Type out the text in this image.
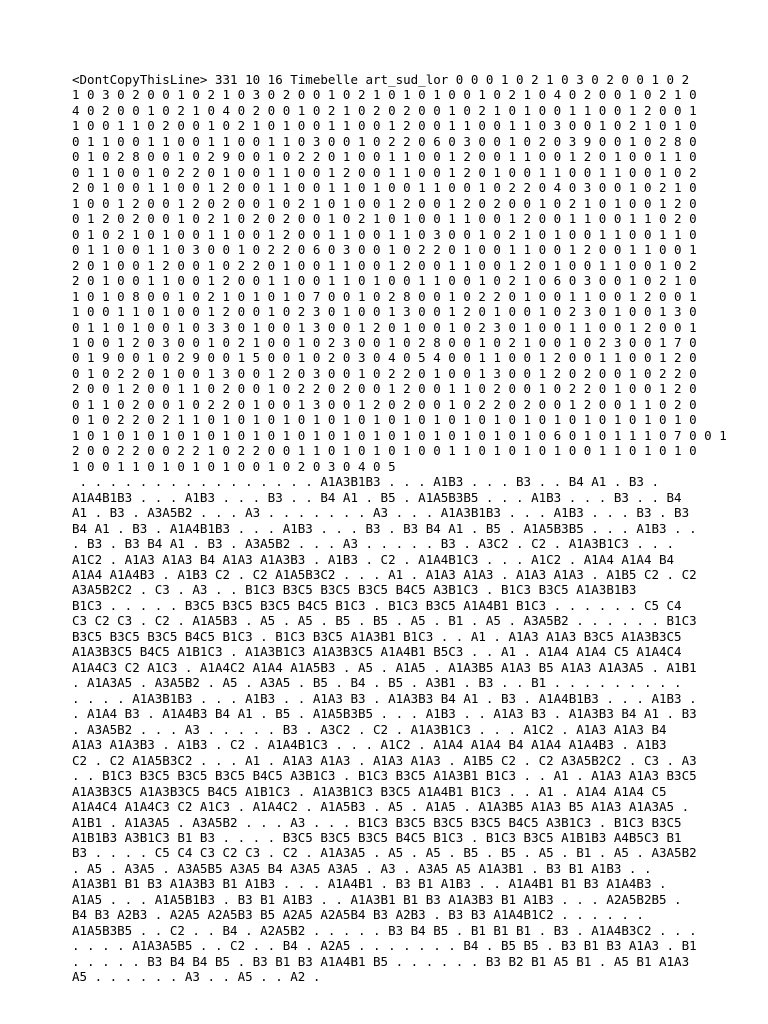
<DontCopyThisLine> 331 10 16 Timebelle art_sud_lor 0 0 0 1 0 2 1 0 3 0 2 0 0 1 0 2
1 0 3 0 2 0 0 1 0 2 1 0 3 0 2 0 0 1 0 2 1 0 1 0 1 0 0 1 0 2 1 0 4 0 2 0 0 1 0 2 1 0
4 0 2 0 0 1 0 2 1 0 4 0 2 0 0 1 0 2 1 0 2 0 2 0 0 1 0 2 1 0 1 0 0 1 1 0 0 1 2 0 0 1
1 0 0 1 1 0 2 0 0 1 0 2 1 0 1 0 0 1 1 0 0 1 2 0 0 1 1 0 0 1 1 0 3 0 0 1 0 2 1 0 1 0
0 1 1 0 0 1 1 0 0 1 1 0 0 1 1 0 3 0 0 1 0 2 2 0 6 0 3 0 0 1 0 2 0 3 9 0 0 1 0 2 8 0
0 1 0 2 8 0 0 1 0 2 9 0 0 1 0 2 2 0 1 0 0 1 1 0 0 1 2 0 0 1 1 0 0 1 2 0 1 0 0 1 1 0
0 1 1 0 0 1 0 2 2 0 1 0 0 1 1 0 0 1 2 0 0 1 1 0 0 1 2 0 1 0 0 1 1 0 0 1 1 0 0 1 0 2
2 0 1 0 0 1 1 0 0 1 2 0 0 1 1 0 0 1 1 0 1 0 0 1 1 0 0 1 0 2 2 0 4 0 3 0 0 1 0 2 1 0
1 0 0 1 2 0 0 1 2 0 2 0 0 1 0 2 1 0 1 0 0 1 2 0 0 1 2 0 2 0 0 1 0 2 1 0 1 0 0 1 2 0
0 1 2 0 2 0 0 1 0 2 1 0 2 0 2 0 0 1 0 2 1 0 1 0 0 1 1 0 0 1 2 0 0 1 1 0 0 1 1 0 2 0
0 1 0 2 1 0 1 0 0 1 1 0 0 1 2 0 0 1 1 0 0 1 1 0 3 0 0 1 0 2 1 0 1 0 0 1 1 0 0 1 1 0
0 1 1 0 0 1 1 0 3 0 0 1 0 2 2 0 6 0 3 0 0 1 0 2 2 0 1 0 0 1 1 0 0 1 2 0 0 1 1 0 0 1
2 0 1 0 0 1 2 0 0 1 0 2 2 0 1 0 0 1 1 0 0 1 2 0 0 1 1 0 0 1 2 0 1 0 0 1 1 0 0 1 0 2
2 0 1 0 0 1 1 0 0 1 2 0 0 1 1 0 0 1 1 0 1 0 0 1 1 0 0 1 0 2 1 0 6 0 3 0 0 1 0 2 1 0
1 0 1 0 8 0 0 1 0 2 1 0 1 0 1 0 7 0 0 1 0 2 8 0 0 1 0 2 2 0 1 0 0 1 1 0 0 1 2 0 0 1
1 0 0 1 1 0 1 0 0 1 2 0 0 1 0 2 3 0 1 0 0 1 3 0 0 1 2 0 1 0 0 1 0 2 3 0 1 0 0 1 3 0
0 1 1 0 1 0 0 1 0 3 3 0 1 0 0 1 3 0 0 1 2 0 1 0 0 1 0 2 3 0 1 0 0 1 1 0 0 1 2 0 0 1
1 0 0 1 2 0 3 0 0 1 0 2 1 0 0 1 0 2 3 0 0 1 0 2 8 0 0 1 0 2 1 0 0 1 0 2 3 0 0 1 7 0
0 1 9 0 0 1 0 2 9 0 0 1 5 0 0 1 0 2 0 3 0 4 0 5 4 0 0 1 1 0 0 1 2 0 0 1 1 0 0 1 2 0
0 1 0 2 2 0 1 0 0 1 3 0 0 1 2 0 3 0 0 1 0 2 2 0 1 0 0 1 3 0 0 1 2 0 2 0 0 1 0 2 2 0
2 0 0 1 2 0 0 1 1 0 2 0 0 1 0 2 2 0 2 0 0 1 2 0 0 1 1 0 2 0 0 1 0 2 2 0 1 0 0 1 2 0
0 1 1 0 2 0 0 1 0 2 2 0 1 0 0 1 3 0 0 1 2 0 2 0 0 1 0 2 2 0 2 0 0 1 2 0 0 1 1 0 2 0
0 1 0 2 2 0 2 1 1 0 1 0 1 0 1 0 1 0 1 0 1 0 1 0 1 0 1 0 1 0 1 0 1 0 1 0 1 0 1 0 1 0
1 0 1 0 1 0 1 0 1 0 1 0 1 0 1 0 1 0 1 0 1 0 1 0 1 0 1 0 1 0 1 0 6 0 1 0 1 1 1 0 7 0 0 1
2 0 0 2 2 0 0 2 2 1 0 2 2 0 0 1 1 0 1 0 1 0 1 0 0 1 1 0 1 0 1 0 1 0 0 1 1 0 1 0 1 0
1 0 0 1 1 0 1 0 1 0 1 0 0 1 0 2 0 3 0 4 0 5
. . . . . . . . . . . . . . . . A1A3B1B3 . . . A1B3 . . . B3 . . B4 A1 . B3 .
A1A4B1B3 . . . A1B3 . . . B3 . . B4 A1 . B5 . A1A5B3B5 . . . A1B3 . . . B3 . . B4
A1 . B3 . A3A5B2 . . . A3 . . . . . . . A3 . . . A1A3B1B3 . . . A1B3 . . . B3 . B3
B4 A1 . B3 . A1A4B1B3 . . . A1B3 . . . B3 . B3 B4 A1 . B5 . A1A5B3B5 . . . A1B3 . .
. B3 . B3 B4 A1 . B3 . A3A5B2 . . . A3 . . . . . B3 . A3C2 . C2 . A1A3B1C3 . . .
A1C2 . A1A3 A1A3 B4 A1A3 A1A3B3 . A1B3 . C2 . A1A4B1C3 . . . A1C2 . A1A4 A1A4 B4
A1A4 A1A4B3 . A1B3 C2 . C2 A1A5B3C2 . . . A1 . A1A3 A1A3 . A1A3 A1A3 . A1B5 C2 . C2
A3A5B2C2 . C3 . A3 . . B1C3 B3C5 B3C5 B3C5 B4C5 A3B1C3 . B1C3 B3C5 A1A3B1B3
B1C3 . . . . . B3C5 B3C5 B3C5 B4C5 B1C3 . B1C3 B3C5 A1A4B1 B1C3 . . . . . . C5 C4
C3 C2 C3 . C2 . A1A5B3 . A5 . A5 . B5 . B5 . A5 . B1 . A5 . A3A5B2 . . . . . . B1C3
B3C5 B3C5 B3C5 B4C5 B1C3 . B1C3 B3C5 A1A3B1 B1C3 . . A1 . A1A3 A1A3 B3C5 A1A3B3C5
A1A3B3C5 B4C5 A1B1C3 . A1A3B1C3 A1A3B3C5 A1A4B1 B5C3 . . A1 . A1A4 A1A4 C5 A1A4C4
A1A4C3 C2 A1C3 . A1A4C2 A1A4 A1A5B3 . A5 . A1A5 . A1A3B5 A1A3 B5 A1A3 A1A3A5 . A1B1
. A1A3A5 . A3A5B2 . A5 . A3A5 . B5 . B4 . B5 . A3B1 . B3 . . B1 . . . . . . . . .
. . . . A1A3B1B3 . . . A1B3 . . A1A3 B3 . A1A3B3 B4 A1 . B3 . A1A4B1B3 . . . A1B3 .
. A1A4 B3 . A1A4B3 B4 A1 . B5 . A1A5B3B5 . . . A1B3 . . A1A3 B3 . A1A3B3 B4 A1 . B3
. A3A5B2 . . . A3 . . . . . B3 . A3C2 . C2 . A1A3B1C3 . . . A1C2 . A1A3 A1A3 B4
A1A3 A1A3B3 . A1B3 . C2 . A1A4B1C3 . . . A1C2 . A1A4 A1A4 B4 A1A4 A1A4B3 . A1B3
C2 . C2 A1A5B3C2 . . . A1 . A1A3 A1A3 . A1A3 A1A3 . A1B5 C2 . C2 A3A5B2C2 . C3 . A3
. . B1C3 B3C5 B3C5 B3C5 B4C5 A3B1C3 . B1C3 B3C5 A1A3B1 B1C3 . . A1 . A1A3 A1A3 B3C5
A1A3B3C5 A1A3B3C5 B4C5 A1B1C3 . A1A3B1C3 B3C5 A1A4B1 B1C3 . . A1 . A1A4 A1A4 C5
A1A4C4 A1A4C3 C2 A1C3 . A1A4C2 . A1A5B3 . A5 . A1A5 . A1A3B5 A1A3 B5 A1A3 A1A3A5 .
A1B1 . A1A3A5 . A3A5B2 . . . A3 . . . B1C3 B3C5 B3C5 B3C5 B4C5 A3B1C3 . B1C3 B3C5
A1B1B3 A3B1C3 B1 B3 . . . . B3C5 B3C5 B3C5 B4C5 B1C3 . B1C3 B3C5 A1B1B3 A4B5C3 B1
B3 . . . . C5 C4 C3 C2 C3 . C2 . A1A3A5 . A5 . A5 . B5 . B5 . A5 . B1 . A5 . A3A5B2
. A5 . A3A5 . A3A5B5 A3A5 B4 A3A5 A3A5 . A3 . A3A5 A5 A1A3B1 . B3 B1 A1B3 . .
A1A3B1 B1 B3 A1A3B3 B1 A1B3 . . . A1A4B1 . B3 B1 A1B3 . . A1A4B1 B1 B3 A1A4B3 .
A1A5 . . . A1A5B1B3 . B3 B1 A1B3 . . A1A3B1 B1 B3 A1A3B3 B1 A1B3 . . . A2A5B2B5 .
B4 B3 A2B3 . A2A5 A2A5B3 B5 A2A5 A2A5B4 B3 A2B3 . B3 B3 A1A4B1C2 . . . . . .
A1A5B3B5 . . C2 . . B4 . A2A5B2 . . . . . B3 B4 B5 . B1 B1 B1 . B3 . A1A4B3C2 . . .
. . . . A1A3A5B5 . . C2 . . B4 . A2A5 . . . . . . . B4 . B5 B5 . B3 B1 B3 A1A3 . B1
. . . . . B3 B4 B4 B5 . B3 B1 B3 A1A4B1 B5 . . . . . . B3 B2 B1 A5 B1 . A5 B1 A1A3
A5 . . . . . . A3 . . A5 . . A2 .
